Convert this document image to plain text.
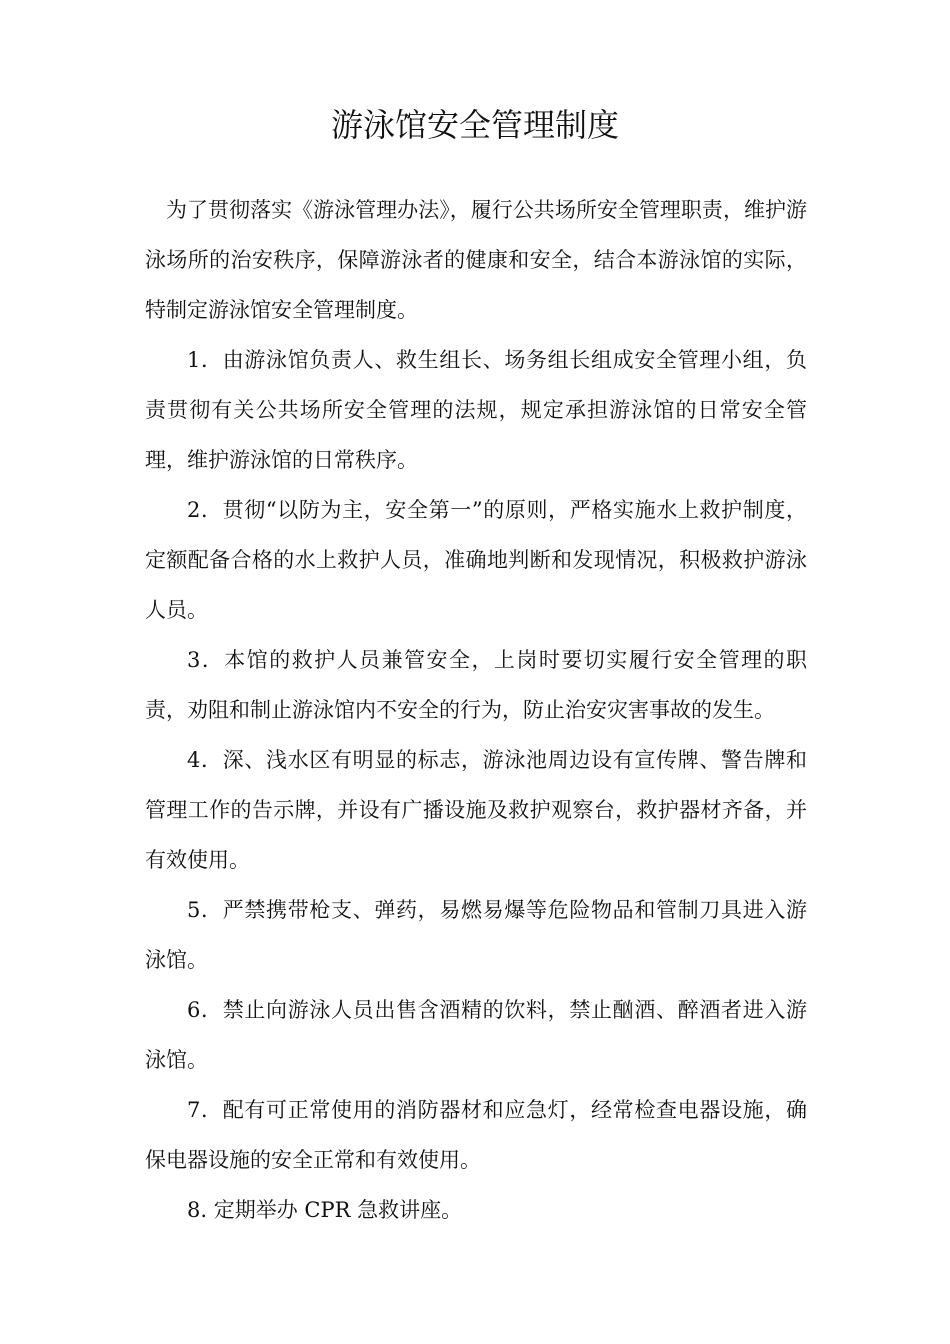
游泳馆安全管理制度

为了贯彻落实《游泳管理办法》，履行公共场所安全管理职责，维护游泳场所的治安秩序，保障游泳者的健康和安全，结合本游泳馆的实际，特制定游泳馆安全管理制度。

1．由游泳馆负责人、救生组长、场务组长组成安全管理小组，负责贯彻有关公共场所安全管理的法规，规定承担游泳馆的日常安全管理，维护游泳馆的日常秩序。

2．贯彻“以防为主，安全第一”的原则，严格实施水上救护制度，定额配备合格的水上救护人员，准确地判断和发现情况，积极救护游泳人员。

3．本馆的救护人员兼管安全，上岗时要切实履行安全管理的职责，劝阻和制止游泳馆内不安全的行为，防止治安灾害事故的发生。

4．深、浅水区有明显的标志，游泳池周边设有宣传牌、警告牌和管理工作的告示牌，并设有广播设施及救护观察台，救护器材齐备，并有效使用。

5．严禁携带枪支、弹药，易燃易爆等危险物品和管制刀具进入游泳馆。

6．禁止向游泳人员出售含酒精的饮料，禁止酗酒、醉酒者进入游泳馆。

7．配有可正常使用的消防器材和应急灯，经常检查电器设施，确保电器设施的安全正常和有效使用。

8. 定期举办 CPR 急救讲座。
